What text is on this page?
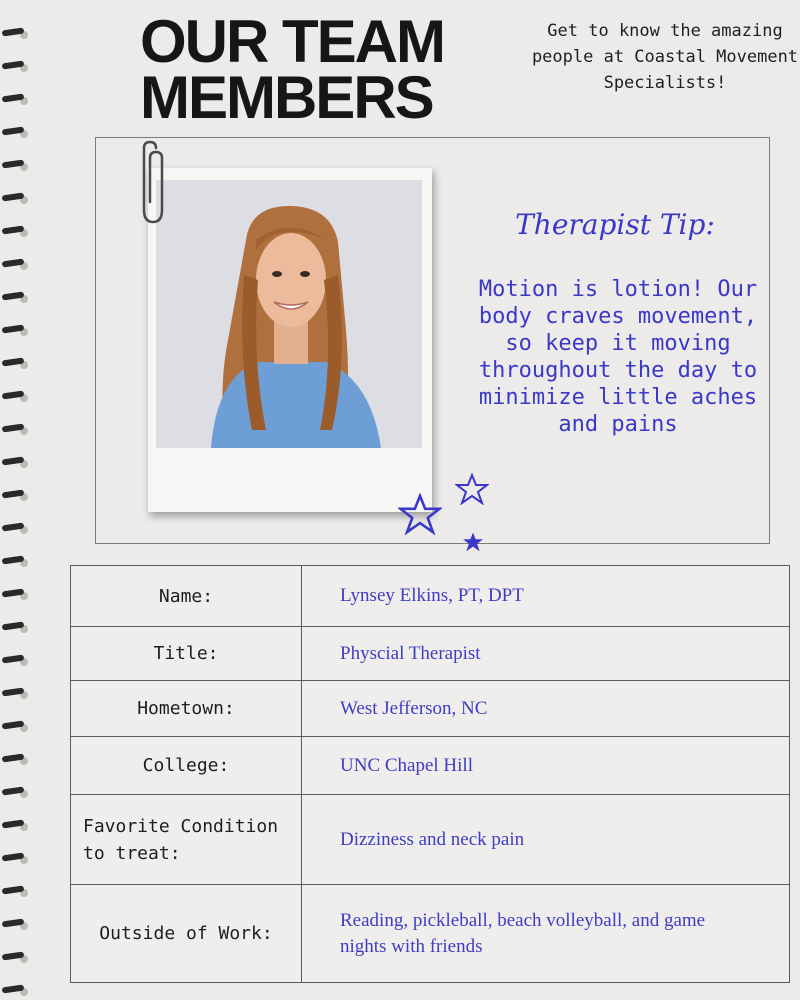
OUR TEAM
MEMBERS
Get to know the amazing people at Coastal Movement Specialists!
Therapist Tip:
Motion is lotion! Our body craves movement, so keep it moving throughout the day to minimize little aches and pains
Name:	Lynsey Elkins, PT, DPT
Title:	Physcial Therapist
Hometown:	West Jefferson, NC
College:	UNC Chapel Hill
Favorite Condition to treat:	Dizziness and neck pain
Outside of Work:	Reading, pickleball, beach volleyball, and game nights with friends
